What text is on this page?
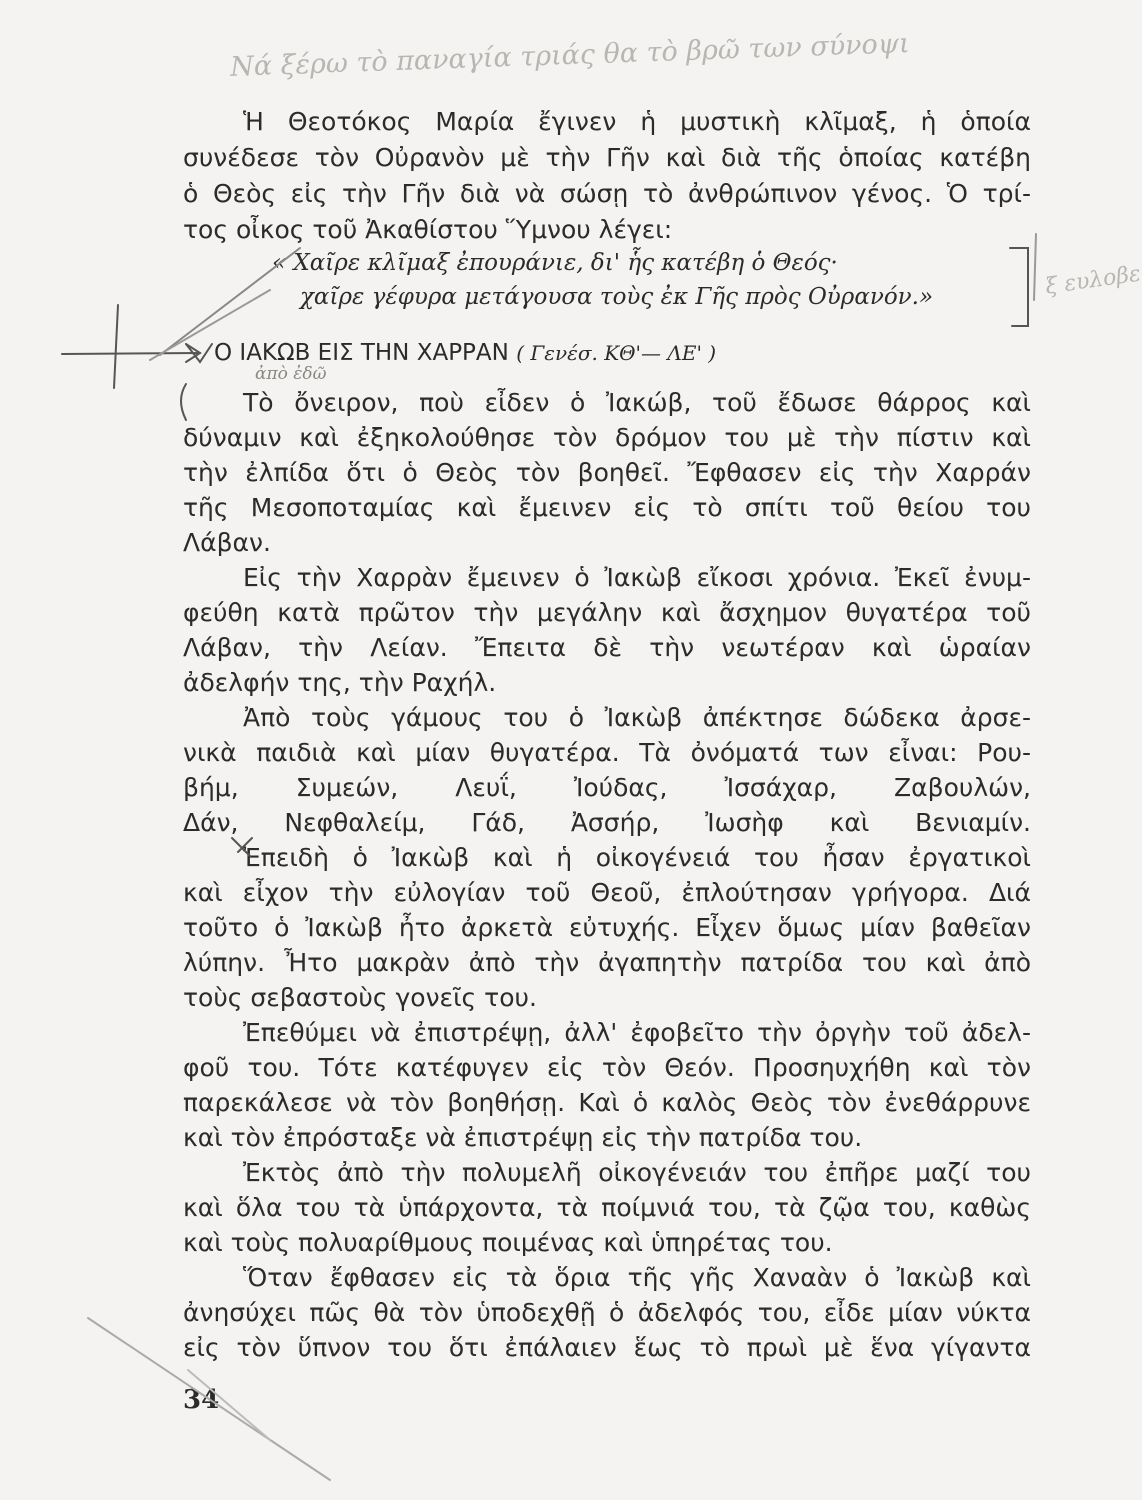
Νά ξέρω τὸ παναγία τριάς θα τὸ βρῶ των σύνοψι
ξ ευλοβε
ἀπὸ ἐδῶ
Ἡ Θεοτόκος Μαρία ἔγινεν ἡ μυστικὴ κλῖμαξ, ἡ ὁποία
συνέδεσε τὸν Οὐρανὸν μὲ τὴν Γῆν καὶ διὰ τῆς ὁποίας κατέβη
ὁ Θεὸς εἰς τὴν Γῆν διὰ νὰ σώσῃ τὸ ἀνθρώπινον γένος. Ὁ τρί-
τος οἶκος τοῦ Ἀκαθίστου Ὕμνου λέγει:
« Χαῖρε κλῖμαξ ἐπουράνιε, δι' ἧς κατέβη ὁ Θεός·
χαῖρε γέφυρα μετάγουσα τοὺς ἐκ Γῆς πρὸς Οὐρανόν.»
Ο ΙΑΚΩΒ ΕΙΣ ΤΗΝ ΧΑΡΡΑΝ ( Γενέσ. ΚΘ'— ΛΕ' )
Τὸ ὄνειρον, ποὺ εἶδεν ὁ Ἰακώβ, τοῦ ἔδωσε θάρρος καὶ
δύναμιν καὶ ἐξηκολούθησε τὸν δρόμον του μὲ τὴν πίστιν καὶ
τὴν ἐλπίδα ὅτι ὁ Θεὸς τὸν βοηθεῖ. Ἔφθασεν εἰς τὴν Χαρράν
τῆς Μεσοποταμίας καὶ ἔμεινεν εἰς τὸ σπίτι τοῦ θείου του
Λάβαν.
Εἰς τὴν Χαρρὰν ἔμεινεν ὁ Ἰακὼβ εἴκοσι χρόνια. Ἐκεῖ ἐνυμ-
φεύθη κατὰ πρῶτον τὴν μεγάλην καὶ ἄσχημον θυγατέρα τοῦ
Λάβαν, τὴν Λείαν. Ἔπειτα δὲ τὴν νεωτέραν καὶ ὡραίαν
ἀδελφήν της, τὴν Ραχήλ.
Ἀπὸ τοὺς γάμους του ὁ Ἰακὼβ ἀπέκτησε δώδεκα ἀρσε-
νικὰ παιδιὰ καὶ μίαν θυγατέρα. Τὰ ὀνόματά των εἶναι: Ρου-
βήμ, Συμεών, Λευΐ, Ἰούδας, Ἰσσάχαρ, Ζαβουλών,
Δάν, Νεφθαλείμ, Γάδ, Ἀσσήρ, Ἰωσὴφ καὶ Βενιαμίν.
Ἐπειδὴ ὁ Ἰακὼβ καὶ ἡ οἰκογένειά του ἦσαν ἐργατικοὶ
καὶ εἶχον τὴν εὐλογίαν τοῦ Θεοῦ, ἐπλούτησαν γρήγορα. Διά
τοῦτο ὁ Ἰακὼβ ἦτο ἀρκετὰ εὐτυχής. Εἶχεν ὅμως μίαν βαθεῖαν
λύπην. Ἦτο μακρὰν ἀπὸ τὴν ἀγαπητὴν πατρίδα του καὶ ἀπὸ
τοὺς σεβαστοὺς γονεῖς του.
Ἐπεθύμει νὰ ἐπιστρέψῃ, ἀλλ' ἐφοβεῖτο τὴν ὀργὴν τοῦ ἀδελ-
φοῦ του. Τότε κατέφυγεν εἰς τὸν Θεόν. Προσηυχήθη καὶ τὸν
παρεκάλεσε νὰ τὸν βοηθήσῃ. Καὶ ὁ καλὸς Θεὸς τὸν ἐνεθάρρυνε
καὶ τὸν ἐπρόσταξε νὰ ἐπιστρέψῃ εἰς τὴν πατρίδα του.
Ἐκτὸς ἀπὸ τὴν πολυμελῆ οἰκογένειάν του ἐπῆρε μαζί του
καὶ ὅλα του τὰ ὑπάρχοντα, τὰ ποίμνιά του, τὰ ζῷα του, καθὼς
καὶ τοὺς πολυαρίθμους ποιμένας καὶ ὑπηρέτας του.
Ὅταν ἔφθασεν εἰς τὰ ὅρια τῆς γῆς Χαναὰν ὁ Ἰακὼβ καὶ
ἀνησύχει πῶς θὰ τὸν ὑποδεχθῇ ὁ ἀδελφός του, εἶδε μίαν νύκτα
εἰς τὸν ὕπνον του ὅτι ἐπάλαιεν ἕως τὸ πρωὶ μὲ ἕνα γίγαντα
34
